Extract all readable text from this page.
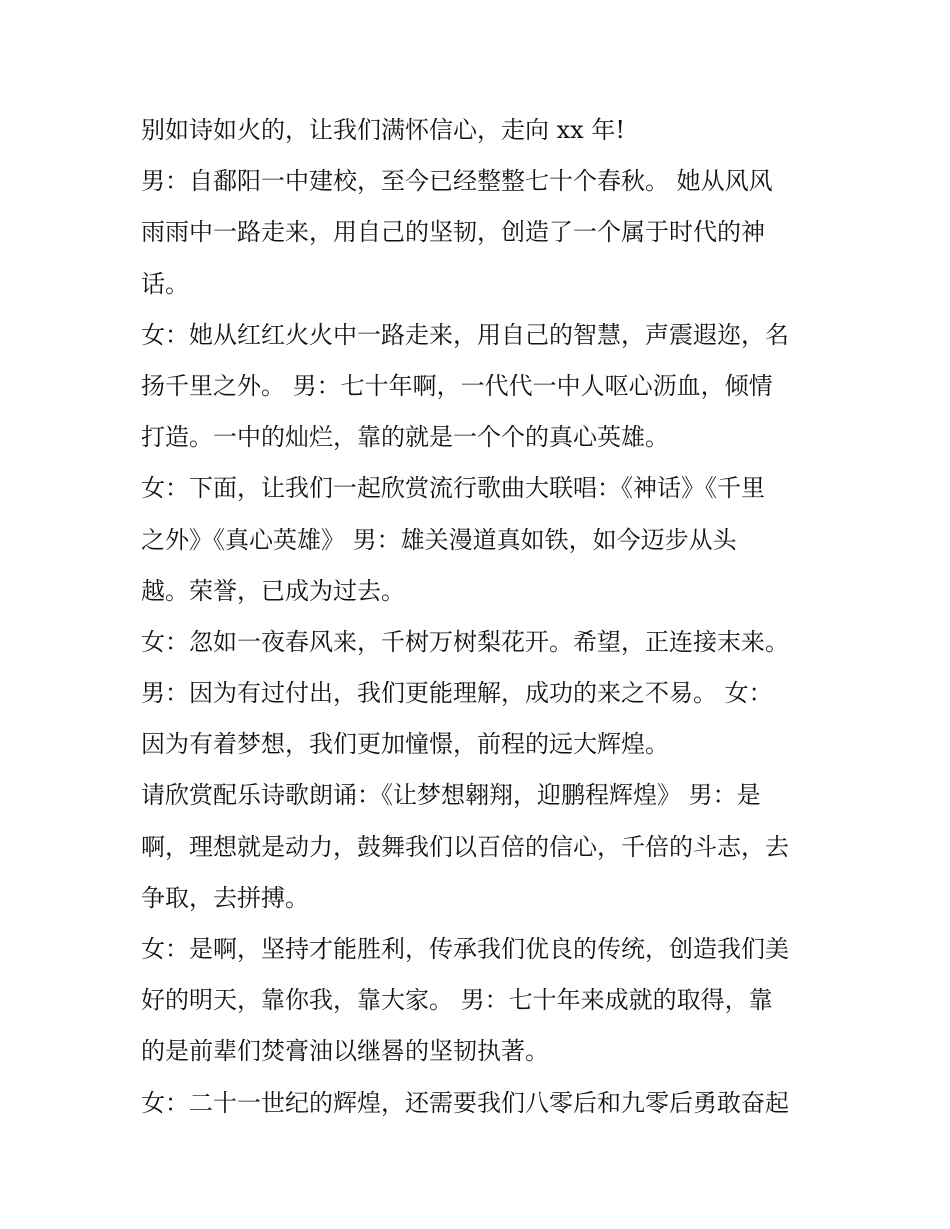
别如诗如火的，让我们满怀信心，走向 xx 年!
男：自鄱阳一中建校，至今已经整整七十个春秋。 她从风风
雨雨中一路走来，用自己的坚韧，创造了一个属于时代的神
话。
女：她从红红火火中一路走来，用自己的智慧，声震遐迩，名
扬千里之外。 男：七十年啊，一代代一中人呕心沥血，倾情
打造。一中的灿烂，靠的就是一个个的真心英雄。
女：下面，让我们一起欣赏流行歌曲大联唱：《神话》《千里
之外》《真心英雄》 男：雄关漫道真如铁，如今迈步从头
越。荣誉，已成为过去。
女：忽如一夜春风来，千树万树梨花开。希望，正连接末来。
男：因为有过付出，我们更能理解，成功的来之不易。 女：
因为有着梦想，我们更加憧憬，前程的远大辉煌。
请欣赏配乐诗歌朗诵：《让梦想翱翔，迎鹏程辉煌》 男：是
啊，理想就是动力，鼓舞我们以百倍的信心，千倍的斗志，去
争取，去拼搏。
女：是啊，坚持才能胜利，传承我们优良的传统，创造我们美
好的明天，靠你我，靠大家。 男：七十年来成就的取得，靠
的是前辈们焚膏油以继晷的坚韧执著。
女：二十一世纪的辉煌，还需要我们八零后和九零后勇敢奋起
